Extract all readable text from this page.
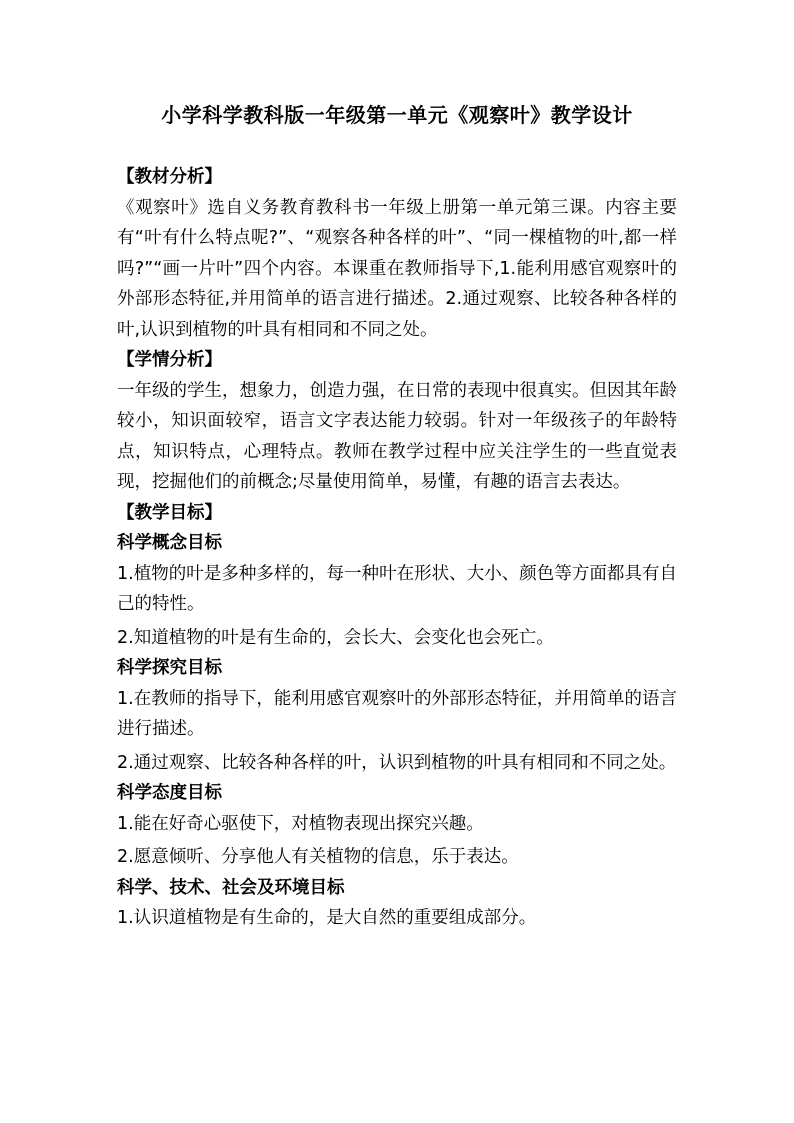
小学科学教科版一年级第一单元《观察叶》教学设计

【教材分析】

《观察叶》选自义务教育教科书一年级上册第一单元第三课。内容主要有“叶有什么特点呢?”、“观察各种各样的叶”、“同一棵植物的叶,都一样吗?”“画一片叶”四个内容。本课重在教师指导下,1.能利用感官观察叶的外部形态特征,并用简单的语言进行描述。2.通过观察、比较各种各样的叶,认识到植物的叶具有相同和不同之处。

【学情分析】

一年级的学生，想象力，创造力强，在日常的表现中很真实。但因其年龄较小，知识面较窄，语言文字表达能力较弱。针对一年级孩子的年龄特点，知识特点，心理特点。教师在教学过程中应关注学生的一些直觉表现，挖掘他们的前概念;尽量使用简单，易懂，有趣的语言去表达。

【教学目标】

科学概念目标

1.植物的叶是多种多样的，每一种叶在形状、大小、颜色等方面都具有自己的特性。

2.知道植物的叶是有生命的，会长大、会变化也会死亡。

科学探究目标

1.在教师的指导下，能利用感官观察叶的外部形态特征，并用简单的语言进行描述。

2.通过观察、比较各种各样的叶，认识到植物的叶具有相同和不同之处。

科学态度目标

1.能在好奇心驱使下，对植物表现出探究兴趣。

2.愿意倾听、分享他人有关植物的信息，乐于表达。

科学、技术、社会及环境目标

1.认识道植物是有生命的，是大自然的重要组成部分。
